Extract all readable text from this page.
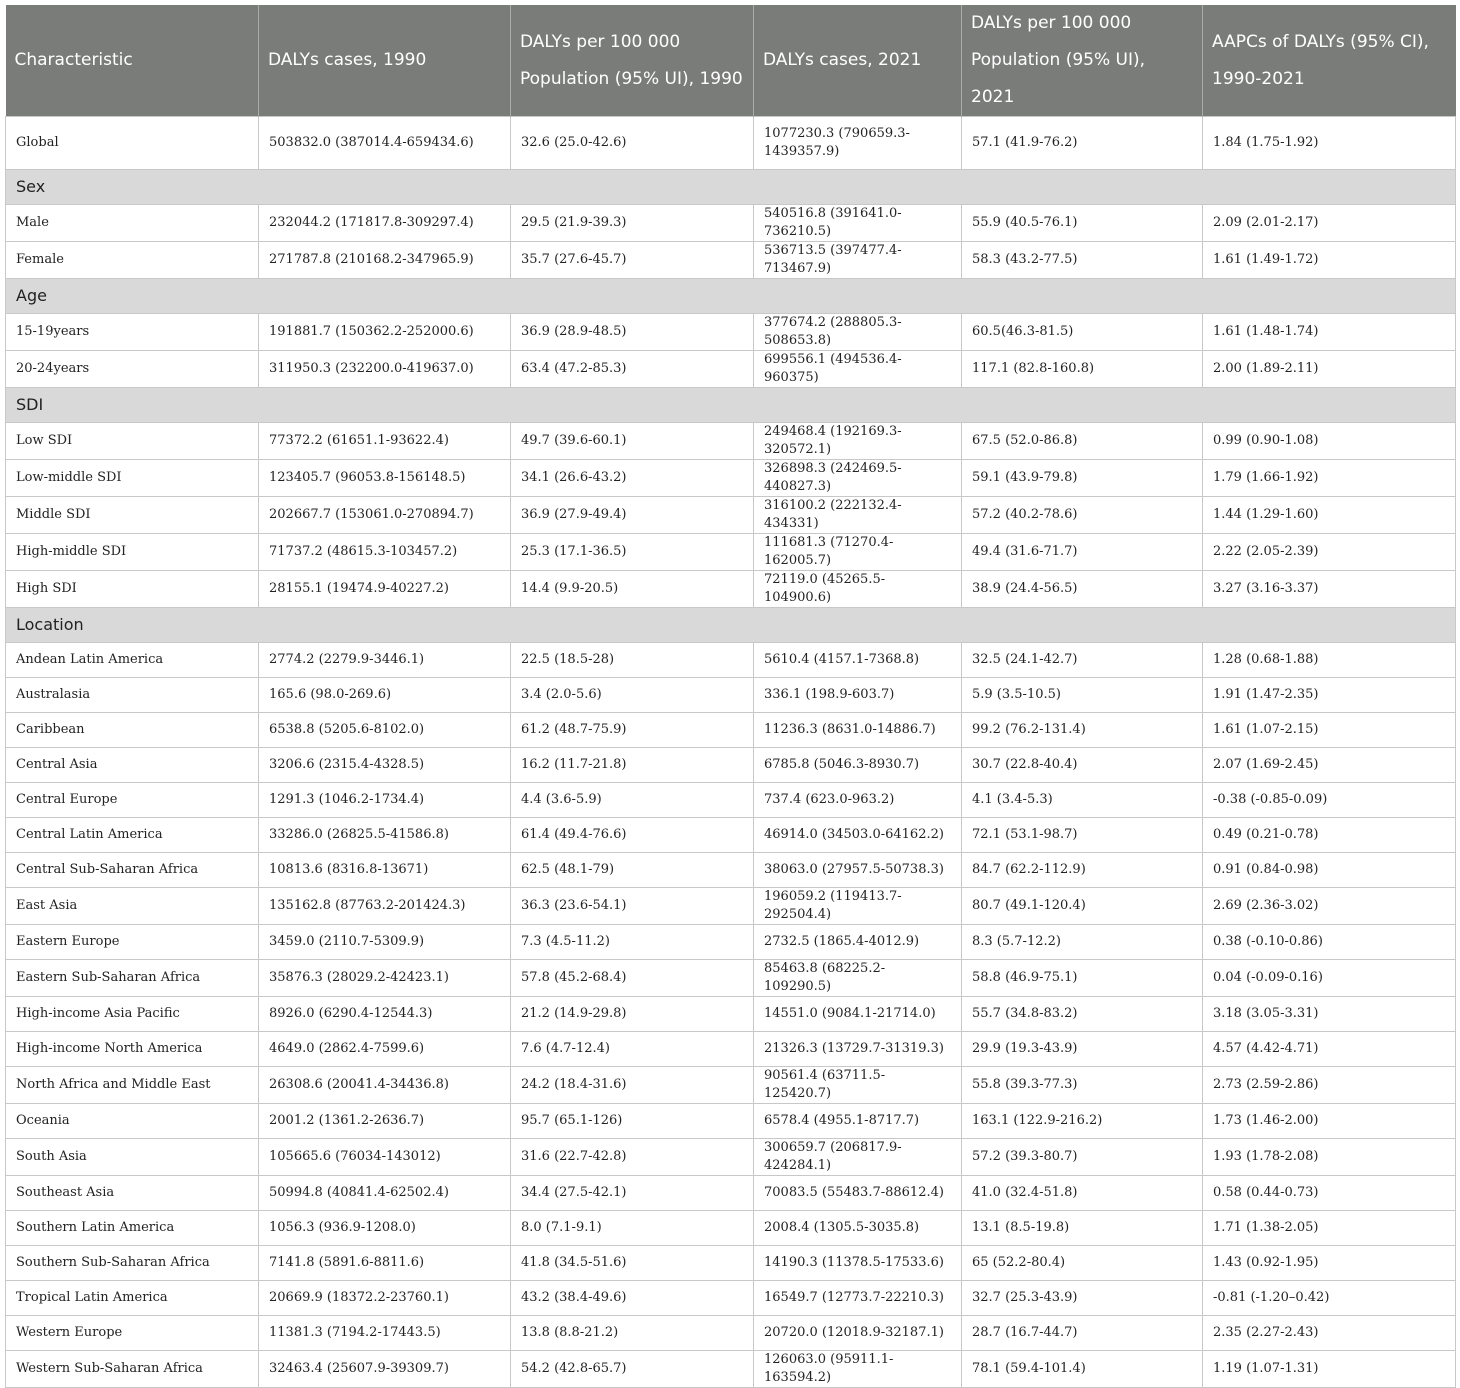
Characteristic	DALYs cases, 1990	DALYs per 100 000 Population (95% UI), 1990	DALYs cases, 2021	DALYs per 100 000 Population (95% UI), 2021	AAPCs of DALYs (95% CI), 1990-2021
Global	503832.0 (387014.4-659434.6)	32.6 (25.0-42.6)	1077230.3 (790659.3-1439357.9)	57.1 (41.9-76.2)	1.84 (1.75-1.92)
Sex					
Male	232044.2 (171817.8-309297.4)	29.5 (21.9-39.3)	540516.8 (391641.0-736210.5)	55.9 (40.5-76.1)	2.09 (2.01-2.17)
Female	271787.8 (210168.2-347965.9)	35.7 (27.6-45.7)	536713.5 (397477.4-713467.9)	58.3 (43.2-77.5)	1.61 (1.49-1.72)
Age					
15-19years	191881.7 (150362.2-252000.6)	36.9 (28.9-48.5)	377674.2 (288805.3-508653.8)	60.5(46.3-81.5)	1.61 (1.48-1.74)
20-24years	311950.3 (232200.0-419637.0)	63.4 (47.2-85.3)	699556.1 (494536.4-960375)	117.1 (82.8-160.8)	2.00 (1.89-2.11)
SDI					
Low SDI	77372.2 (61651.1-93622.4)	49.7 (39.6-60.1)	249468.4 (192169.3-320572.1)	67.5 (52.0-86.8)	0.99 (0.90-1.08)
Low-middle SDI	123405.7 (96053.8-156148.5)	34.1 (26.6-43.2)	326898.3 (242469.5-440827.3)	59.1 (43.9-79.8)	1.79 (1.66-1.92)
Middle SDI	202667.7 (153061.0-270894.7)	36.9 (27.9-49.4)	316100.2 (222132.4-434331)	57.2 (40.2-78.6)	1.44 (1.29-1.60)
High-middle SDI	71737.2 (48615.3-103457.2)	25.3 (17.1-36.5)	111681.3 (71270.4-162005.7)	49.4 (31.6-71.7)	2.22 (2.05-2.39)
High SDI	28155.1 (19474.9-40227.2)	14.4 (9.9-20.5)	72119.0 (45265.5-104900.6)	38.9 (24.4-56.5)	3.27 (3.16-3.37)
Location					
Andean Latin America	2774.2 (2279.9-3446.1)	22.5 (18.5-28)	5610.4 (4157.1-7368.8)	32.5 (24.1-42.7)	1.28 (0.68-1.88)
Australasia	165.6 (98.0-269.6)	3.4 (2.0-5.6)	336.1 (198.9-603.7)	5.9 (3.5-10.5)	1.91 (1.47-2.35)
Caribbean	6538.8 (5205.6-8102.0)	61.2 (48.7-75.9)	11236.3 (8631.0-14886.7)	99.2 (76.2-131.4)	1.61 (1.07-2.15)
Central Asia	3206.6 (2315.4-4328.5)	16.2 (11.7-21.8)	6785.8 (5046.3-8930.7)	30.7 (22.8-40.4)	2.07 (1.69-2.45)
Central Europe	1291.3 (1046.2-1734.4)	4.4 (3.6-5.9)	737.4 (623.0-963.2)	4.1 (3.4-5.3)	-0.38 (-0.85-0.09)
Central Latin America	33286.0 (26825.5-41586.8)	61.4 (49.4-76.6)	46914.0 (34503.0-64162.2)	72.1 (53.1-98.7)	0.49 (0.21-0.78)
Central Sub-Saharan Africa	10813.6 (8316.8-13671)	62.5 (48.1-79)	38063.0 (27957.5-50738.3)	84.7 (62.2-112.9)	0.91 (0.84-0.98)
East Asia	135162.8 (87763.2-201424.3)	36.3 (23.6-54.1)	196059.2 (119413.7-292504.4)	80.7 (49.1-120.4)	2.69 (2.36-3.02)
Eastern Europe	3459.0 (2110.7-5309.9)	7.3 (4.5-11.2)	2732.5 (1865.4-4012.9)	8.3 (5.7-12.2)	0.38 (-0.10-0.86)
Eastern Sub-Saharan Africa	35876.3 (28029.2-42423.1)	57.8 (45.2-68.4)	85463.8 (68225.2-109290.5)	58.8 (46.9-75.1)	0.04 (-0.09-0.16)
High-income Asia Pacific	8926.0 (6290.4-12544.3)	21.2 (14.9-29.8)	14551.0 (9084.1-21714.0)	55.7 (34.8-83.2)	3.18 (3.05-3.31)
High-income North America	4649.0 (2862.4-7599.6)	7.6 (4.7-12.4)	21326.3 (13729.7-31319.3)	29.9 (19.3-43.9)	4.57 (4.42-4.71)
North Africa and Middle East	26308.6 (20041.4-34436.8)	24.2 (18.4-31.6)	90561.4 (63711.5-125420.7)	55.8 (39.3-77.3)	2.73 (2.59-2.86)
Oceania	2001.2 (1361.2-2636.7)	95.7 (65.1-126)	6578.4 (4955.1-8717.7)	163.1 (122.9-216.2)	1.73 (1.46-2.00)
South Asia	105665.6 (76034-143012)	31.6 (22.7-42.8)	300659.7 (206817.9-424284.1)	57.2 (39.3-80.7)	1.93 (1.78-2.08)
Southeast Asia	50994.8 (40841.4-62502.4)	34.4 (27.5-42.1)	70083.5 (55483.7-88612.4)	41.0 (32.4-51.8)	0.58 (0.44-0.73)
Southern Latin America	1056.3 (936.9-1208.0)	8.0 (7.1-9.1)	2008.4 (1305.5-3035.8)	13.1 (8.5-19.8)	1.71 (1.38-2.05)
Southern Sub-Saharan Africa	7141.8 (5891.6-8811.6)	41.8 (34.5-51.6)	14190.3 (11378.5-17533.6)	65 (52.2-80.4)	1.43 (0.92-1.95)
Tropical Latin America	20669.9 (18372.2-23760.1)	43.2 (38.4-49.6)	16549.7 (12773.7-22210.3)	32.7 (25.3-43.9)	-0.81 (-1.20–0.42)
Western Europe	11381.3 (7194.2-17443.5)	13.8 (8.8-21.2)	20720.0 (12018.9-32187.1)	28.7 (16.7-44.7)	2.35 (2.27-2.43)
Western Sub-Saharan Africa	32463.4 (25607.9-39309.7)	54.2 (42.8-65.7)	126063.0 (95911.1-163594.2)	78.1 (59.4-101.4)	1.19 (1.07-1.31)
